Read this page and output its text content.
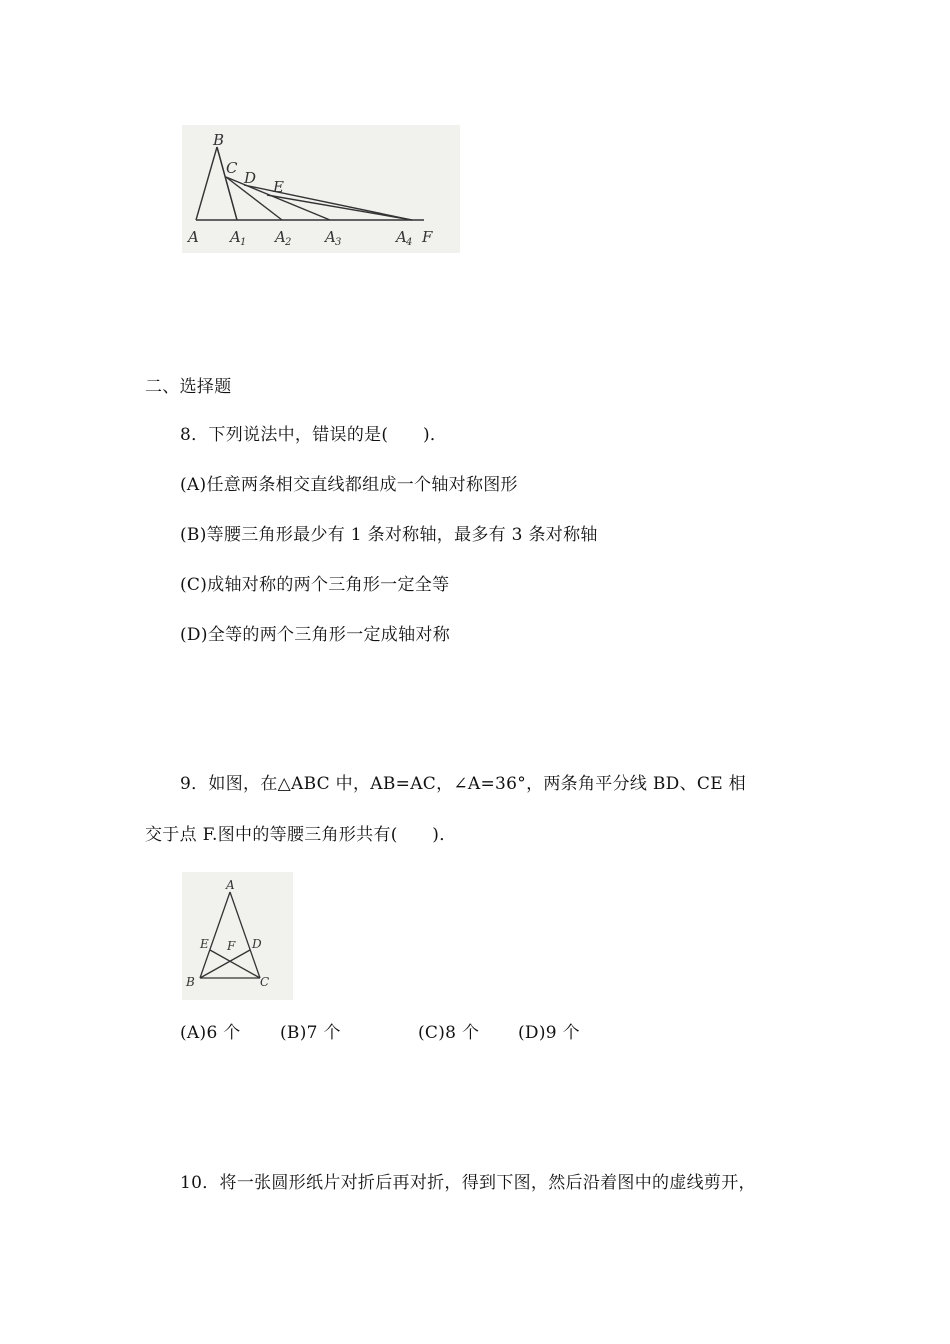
B
C
D E
A A 1 A 2 A 3	A 4 F
二、选择题
8．下列说法中，错误的是(　　)．
(A)任意两条相交直线都组成一个轴对称图形
(B)等腰三角形最少有 1 条对称轴，最多有 3 条对称轴
(C)成轴对称的两个三角形一定全等
(D)全等的两个三角形一定成轴对称
9．如图，在△ABC 中，AB=AC，∠A=36°，两条角平分线 BD、CE 相
交于点 F.图中的等腰三角形共有(　　)．
A
E F D
B	C
(A)6 个 (B)7 个	(C)8 个 (D)9 个
10．将一张圆形纸片对折后再对折，得到下图，然后沿着图中的虚线剪开，
